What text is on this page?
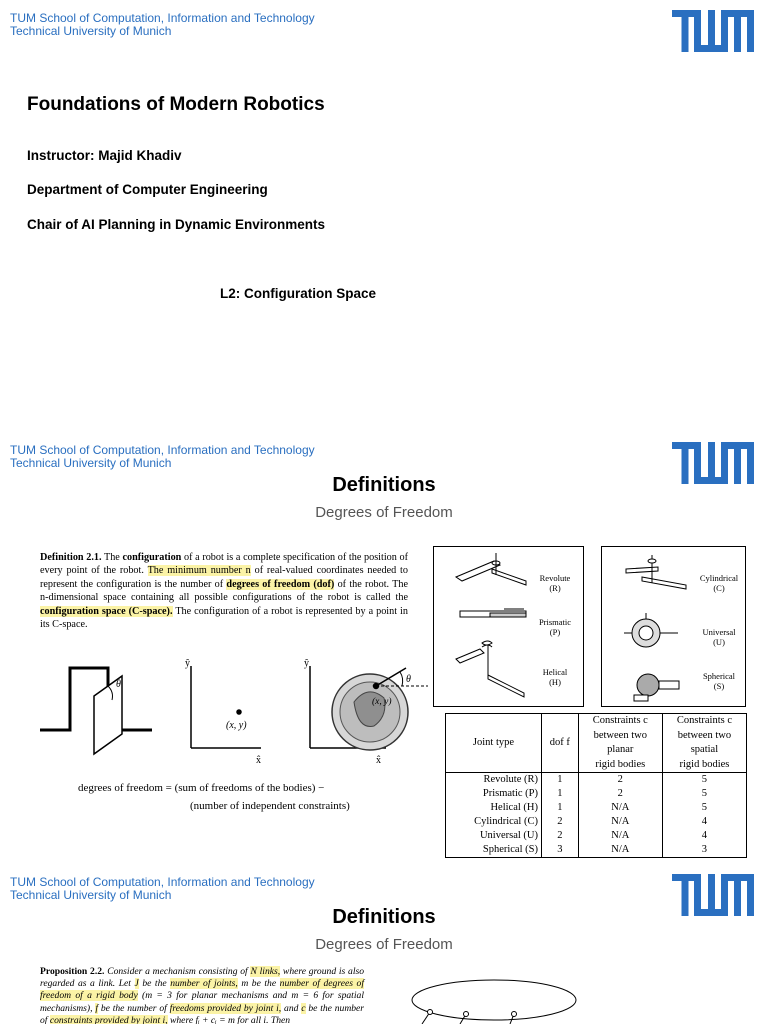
TUM School of Computation, Information and Technology
Technical University of Munich
Foundations of Modern Robotics
Instructor: Majid Khadiv
Department of Computer Engineering
Chair of AI Planning in Dynamic Environments
L2: Configuration Space
TUM School of Computation, Information and Technology
Technical University of Munich
Definitions
Degrees of Freedom
Definition 2.1. The configuration of a robot is a complete specification of the position of every point of the robot. The minimum number n of real-valued coordinates needed to represent the configuration is the number of degrees of freedom (dof) of the robot. The n-dimensional space containing all possible configurations of the robot is called the configuration space (C-space). The configuration of a robot is represented by a point in its C-space.
θ
ŷ
x̂
(x, y)
ŷ
x̂
(x, y)
θ
degrees of freedom = (sum of freedoms of the bodies) −
(number of independent constraints)
Revolute
(R)
Prismatic
(P)
Helical
(H)
Cylindrical
(C)
Universal
(U)
Spherical
(S)
Joint type	dof f	Constraints c
between two
planar
rigid bodies	Constraints c
between two
spatial
rigid bodies
Revolute (R)	1	2	5
Prismatic (P)	1	2	5
Helical (H)	1	N/A	5
Cylindrical (C)	2	N/A	4
Universal (U)	2	N/A	4
Spherical (S)	3	N/A	3
TUM School of Computation, Information and Technology
Technical University of Munich
Definitions
Degrees of Freedom
Proposition 2.2. Consider a mechanism consisting of N links, where ground is also regarded as a link. Let J be the number of joints, m be the number of degrees of freedom of a rigid body (m = 3 for planar mechanisms and m = 6 for spatial mechanisms), f be the number of freedoms provided by joint i, and c be the number of constraints provided by joint i, where fᵢ + cᵢ = m for all i. Then
